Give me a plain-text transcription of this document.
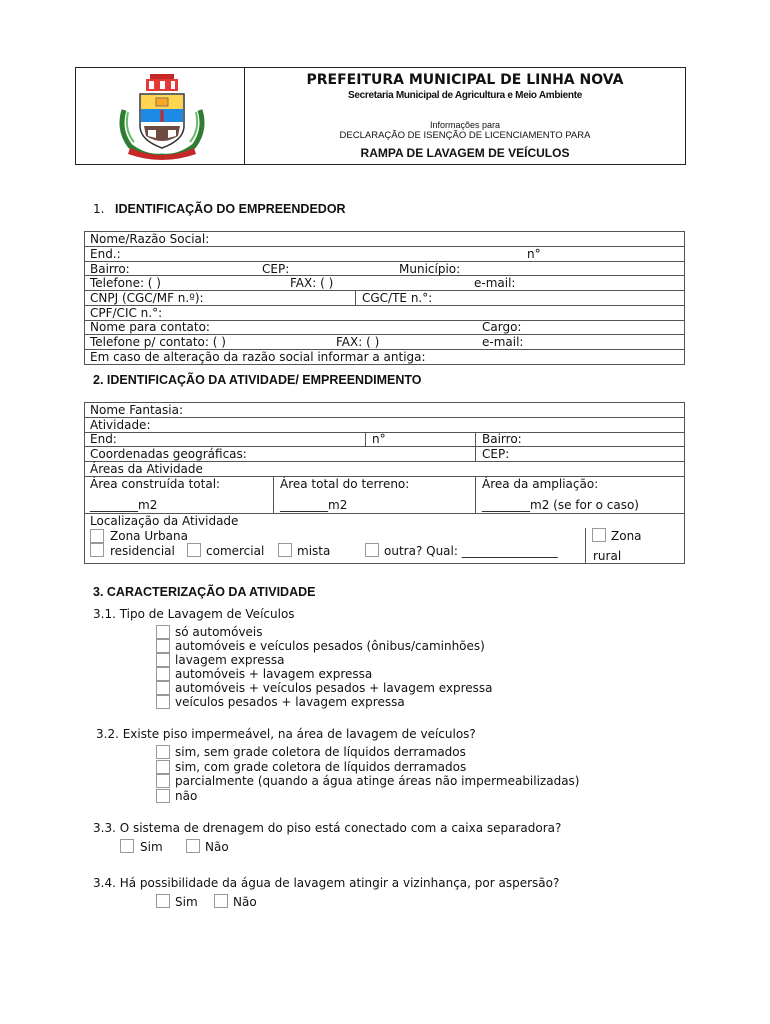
PREFEITURA MUNICIPAL DE LINHA NOVA
Secretaria Municipal de Agricultura e Meio Ambiente
Informações para
DECLARAÇÃO DE ISENÇÃO DE LICENCIAMENTO PARA
RAMPA DE LAVAGEM DE VEÍCULOS
1. IDENTIFICAÇÃO DO EMPREENDEDOR
Nome/Razão Social:
End.:	n°
Bairro:	CEP:	Município:
Telefone: ( )	FAX: ( )	e-mail:
CNPJ (CGC/MF n.º):	CGC/TE n.°:
CPF/CIC n.°:
Nome para contato:	Cargo:
Telefone p/ contato: ( )	FAX: ( )	e-mail:
Em caso de alteração da razão social informar a antiga:
2. IDENTIFICAÇÃO DA ATIVIDADE/ EMPREENDIMENTO
Nome Fantasia:
Atividade:
End:	n°	Bairro:
Coordenadas geográficas:	CEP:
Áreas da Atividade
Área construída total:	Área total do terreno:	Área da ampliação:
________m2	________m2	________m2 (se for o caso)
Localização da Atividade
Zona Urbana
residencial	comercial	mista	outra? Qual: ________________
Zona
rural
3. CARACTERIZAÇÃO DA ATIVIDADE
3.1. Tipo de Lavagem de Veículos
só automóveis
automóveis e veículos pesados (ônibus/caminhões)
lavagem expressa
automóveis + lavagem expressa
automóveis + veículos pesados + lavagem expressa
veículos pesados + lavagem expressa
3.2. Existe piso impermeável, na área de lavagem de veículos?
sim, sem grade coletora de líquidos derramados
sim, com grade coletora de líquidos derramados
parcialmente (quando a água atinge áreas não impermeabilizadas)
não
3.3. O sistema de drenagem do piso está conectado com a caixa separadora?
Sim	Não
3.4. Há possibilidade da água de lavagem atingir a vizinhança, por aspersão?
Sim	Não
